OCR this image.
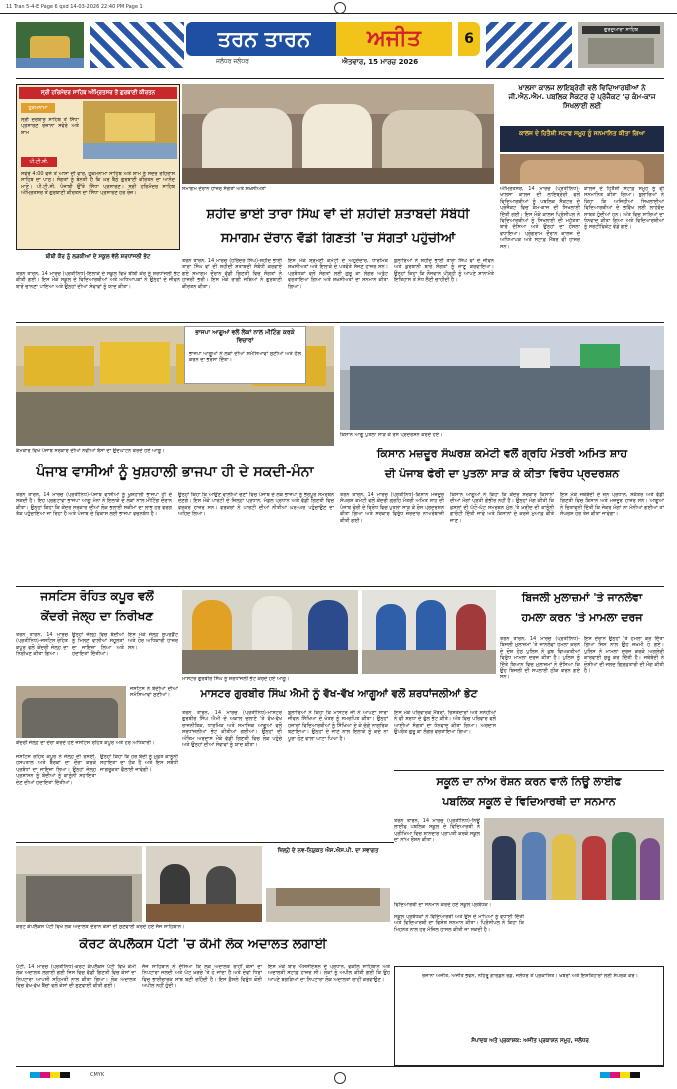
11 Tran 5-4-E Page 6 qxd 14-03-2026 22:40 PM Page 1
ਤਰਨ ਤਾਰਨ	ਅਜੀਤ
ਜਲੰਧਰ ਜਲੰਧਰ	ਐਤਵਾਰ, 15 ਮਾਰਚ 2026
6
ਗੁਰਦੁਆਰਾ ਸਾਹਿਬ
ਸ੍ਰੀ ਹਰਿਮੰਦਰ ਸਾਹਿਬ ਅੰਮ੍ਰਿਤਸਰ ਤੋਂ ਗੁਰਬਾਣੀ ਕੀਰਤਨ
ਹੁਕਮਨਾਮਾ
ਸ੍ਰੀ ਦਰਬਾਰ ਸਾਹਿਬ ਤੋਂ ਸਿੱਧਾ ਪ੍ਰਸਾਰਣ ਰੋਜ਼ਾਨਾ ਸਵੇਰੇ ਅਤੇ ਸ਼ਾਮ
ਪੀ.ਟੀ.ਸੀ.
ਸਵੇਰੇ 4:00 ਵਜੇ ਤੋਂ ਆਸਾ ਦੀ ਵਾਰ, ਹੁਕਮਨਾਮਾ ਸਾਹਿਬ ਅਤੇ ਸ਼ਾਮ ਨੂੰ ਸੋਦਰ ਰਹਿਰਾਸ ਸਾਹਿਬ ਦਾ ਪਾਠ। ਸੰਗਤਾਂ ਨੂੰ ਬੇਨਤੀ ਹੈ ਕਿ ਘਰ ਬੈਠੇ ਗੁਰਬਾਣੀ ਕੀਰਤਨ ਦਾ ਆਨੰਦ ਮਾਣੋ। ਪੀ.ਟੀ.ਸੀ. ਪੰਜਾਬੀ ਉੱਤੇ ਸਿੱਧਾ ਪ੍ਰਸਾਰਣ। ਸ੍ਰੀ ਹਰਿਮੰਦਰ ਸਾਹਿਬ ਅੰਮ੍ਰਿਤਸਰ ਤੋਂ ਗੁਰਬਾਣੀ ਕੀਰਤਨ ਦਾ ਸਿੱਧਾ ਪ੍ਰਸਾਰਣ ਹਰ ਰੋਜ਼।
ਬੀਬੀ ਕੌਰ ਨੂੰ ਲੜਕੀਆਂ ਦੇ ਸਕੂਲ ਵੱਲੋਂ ਸ਼ਰਧਾਂਜਲੀ ਭੇਟ
ਤਰਨ ਤਾਰਨ, 14 ਮਾਰਚ (ਪ੍ਰਤੀਨਿਧ)-ਇਲਾਕੇ ਦੇ ਸਕੂਲ ਵਿਖੇ ਬੀਬੀ ਕੌਰ ਨੂੰ ਸ਼ਰਧਾਂਜਲੀ ਭੇਟ ਕੀਤੀ ਗਈ। ਇਸ ਮੌਕੇ ਸਕੂਲ ਦੇ ਵਿਦਿਆਰਥੀਆਂ ਅਤੇ ਅਧਿਆਪਕਾਂ ਨੇ ਉਨ੍ਹਾਂ ਦੇ ਜੀਵਨ ਬਾਰੇ ਚਾਨਣਾ ਪਾਇਆ ਅਤੇ ਉਨ੍ਹਾਂ ਦੀਆਂ ਸੇਵਾਵਾਂ ਨੂੰ ਯਾਦ ਕੀਤਾ।
ਸਮਾਗਮ ਦੌਰਾਨ ਹਾਜ਼ਰ ਸੰਗਤਾਂ ਅਤੇ ਸ਼ਖ਼ਸੀਅਤਾਂ
ਸ਼ਹੀਦ ਭਾਈ ਤਾਰਾ ਸਿੰਘ ਵਾਂ ਦੀ ਸ਼ਹੀਦੀ ਸ਼ਤਾਬਦੀ ਸੰਬੰਧੀ
ਸਮਾਗਮ ਦੌਰਾਨ ਵੱਡੀ ਗਿਣਤੀ 'ਚ ਸੰਗਤਾਂ ਪਹੁੰਚੀਆਂ
ਤਰਨ ਤਾਰਨ, 14 ਮਾਰਚ (ਹਰਿੰਦਰ ਸਿੰਘ)-ਸ਼ਹੀਦ ਭਾਈ ਤਾਰਾ ਸਿੰਘ ਵਾਂ ਦੀ ਸ਼ਹੀਦੀ ਸ਼ਤਾਬਦੀ ਸੰਬੰਧੀ ਕਰਵਾਏ ਗਏ ਸਮਾਗਮ ਦੌਰਾਨ ਵੱਡੀ ਗਿਣਤੀ ਵਿਚ ਸੰਗਤਾਂ ਨੇ ਹਾਜ਼ਰੀ ਭਰੀ। ਇਸ ਮੌਕੇ ਰਾਗੀ ਜਥਿਆਂ ਨੇ ਗੁਰਬਾਣੀ ਕੀਰਤਨ ਕੀਤਾ।
ਇਸ ਮੌਕੇ ਸ਼੍ਰੋਮਣੀ ਕਮੇਟੀ ਦੇ ਅਹੁਦੇਦਾਰ, ਧਾਰਮਿਕ ਸ਼ਖ਼ਸੀਅਤਾਂ ਅਤੇ ਇਲਾਕੇ ਦੇ ਪਤਵੰਤੇ ਸੱਜਣ ਹਾਜ਼ਰ ਸਨ। ਪ੍ਰਬੰਧਕਾਂ ਵਲੋਂ ਸੰਗਤਾਂ ਲਈ ਗੁਰੂ ਕਾ ਲੰਗਰ ਅਤੁੱਟ ਵਰਤਾਇਆ ਗਿਆ ਅਤੇ ਸ਼ਖ਼ਸੀਅਤਾਂ ਦਾ ਸਨਮਾਨ ਕੀਤਾ ਗਿਆ।
ਬੁਲਾਰਿਆਂ ਨੇ ਸ਼ਹੀਦ ਭਾਈ ਤਾਰਾ ਸਿੰਘ ਵਾਂ ਦੇ ਜੀਵਨ ਅਤੇ ਕੁਰਬਾਨੀ ਬਾਰੇ ਸੰਗਤਾਂ ਨੂੰ ਜਾਣੂ ਕਰਵਾਇਆ। ਉਨ੍ਹਾਂ ਕਿਹਾ ਕਿ ਨੌਜਵਾਨ ਪੀੜ੍ਹੀ ਨੂੰ ਆਪਣੇ ਸ਼ਾਨਾਮੱਤੇ ਇਤਿਹਾਸ ਤੋਂ ਸੇਧ ਲੈਣੀ ਚਾਹੀਦੀ ਹੈ।
ਖਾਲਸਾ ਕਾਲਜ ਲਾਇਬ੍ਰੇਰੀ ਵਲੋਂ ਵਿਦਿਆਰਥੀਆਂ ਨੇ ਜੀ.ਐਨ.ਐਮ. ਪਬਲਿਕ ਸੈਕਟਰ ਦੇ ਪ੍ਰੋਜੈਕਟ 'ਚ ਕੰਮ-ਕਾਜ ਸਿਖਲਾਈ ਲਈ
ਕਾਲਜ ਦੇ ਹਿਤੈਸ਼ੀ ਸਟਾਫ ਸਮੂਹ ਨੂੰ ਸਨਮਾਨਿਤ ਕੀਤਾ ਗਿਆ
ਅੰਮ੍ਰਿਤਸਰ, 14 ਮਾਰਚ (ਪ੍ਰਤੀਨਿਧ)-ਖਾਲਸਾ ਕਾਲਜ ਦੀ ਲਾਇਬ੍ਰੇਰੀ ਵਲੋਂ ਵਿਦਿਆਰਥੀਆਂ ਨੂੰ ਪਬਲਿਕ ਸੈਕਟਰ ਦੇ ਪ੍ਰੋਜੈਕਟ ਵਿਚ ਕੰਮ-ਕਾਜ ਦੀ ਸਿਖਲਾਈ ਦਿੱਤੀ ਗਈ। ਇਸ ਮੌਕੇ ਕਾਲਜ ਪ੍ਰਿੰਸੀਪਲ ਨੇ ਵਿਦਿਆਰਥੀਆਂ ਨੂੰ ਸਿਖਲਾਈ ਦੀ ਮਹੱਤਤਾ ਬਾਰੇ ਦੱਸਿਆ ਅਤੇ ਉਨ੍ਹਾਂ ਦਾ ਹੌਸਲਾ ਵਧਾਇਆ। ਪ੍ਰੋਗਰਾਮ ਦੌਰਾਨ ਕਾਲਜ ਦੇ ਅਧਿਆਪਕ ਅਤੇ ਸਟਾਫ਼ ਮੈਂਬਰ ਵੀ ਹਾਜ਼ਰ ਸਨ।
ਕਾਲਜ ਦੇ ਹਿਤੈਸ਼ੀ ਸਟਾਫ਼ ਸਮੂਹ ਨੂੰ ਵੀ ਸਨਮਾਨਿਤ ਕੀਤਾ ਗਿਆ। ਬੁਲਾਰਿਆਂ ਨੇ ਕਿਹਾ ਕਿ ਅਜਿਹੀਆਂ ਸਿਖਲਾਈਆਂ ਵਿਦਿਆਰਥੀਆਂ ਦੇ ਭਵਿੱਖ ਲਈ ਲਾਹੇਵੰਦ ਸਾਬਤ ਹੁੰਦੀਆਂ ਹਨ। ਅੰਤ ਵਿਚ ਸਾਰਿਆਂ ਦਾ ਧੰਨਵਾਦ ਕੀਤਾ ਗਿਆ ਅਤੇ ਵਿਦਿਆਰਥੀਆਂ ਨੂੰ ਸਰਟੀਫਿਕੇਟ ਵੰਡੇ ਗਏ।
ਭਾਜਪਾ ਆਗੂਆਂ ਵਲੋਂ ਲੋਕਾਂ ਨਾਲ ਮੀਟਿੰਗ ਕਰਕੇ ਵਿਚਾਰਾਂ
ਭਾਜਪਾ ਆਗੂਆਂ ਨੇ ਲੋਕਾਂ ਦੀਆਂ ਸਮੱਸਿਆਵਾਂ ਸੁਣੀਆਂ ਅਤੇ ਹੱਲ ਕਰਨ ਦਾ ਭਰੋਸਾ ਦਿੱਤਾ।
ਕੰਮਕਾਰ ਵਿਖੇ ਪੰਜਾਬ ਸਰਕਾਰ ਦੀਆਂ ਨਵੀਆਂ ਬੱਸਾਂ ਦਾ ਉਦਘਾਟਨ ਕਰਦੇ ਹੋਏ ਆਗੂ।
ਪੰਜਾਬ ਵਾਸੀਆਂ ਨੂੰ ਖੁਸ਼ਹਾਲੀ ਭਾਜਪਾ ਹੀ ਦੇ ਸਕਦੀ-ਮੰਨਾ
ਤਰਨ ਤਾਰਨ, 14 ਮਾਰਚ (ਪ੍ਰਤੀਨਿਧ)-ਪੰਜਾਬ ਵਾਸੀਆਂ ਨੂੰ ਖੁਸ਼ਹਾਲੀ ਭਾਜਪਾ ਹੀ ਦੇ ਸਕਦੀ ਹੈ। ਇਹ ਪ੍ਰਗਟਾਵਾ ਭਾਜਪਾ ਆਗੂ ਮੰਨਾ ਨੇ ਇਲਾਕੇ ਦੇ ਲੋਕਾਂ ਨਾਲ ਮੀਟਿੰਗ ਦੌਰਾਨ ਕੀਤਾ। ਉਨ੍ਹਾਂ ਕਿਹਾ ਕਿ ਕੇਂਦਰ ਸਰਕਾਰ ਦੀਆਂ ਲੋਕ ਭਲਾਈ ਸਕੀਮਾਂ ਦਾ ਲਾਭ ਹਰ ਵਰਗ ਤੱਕ ਪਹੁੰਚਾਇਆ ਜਾ ਰਿਹਾ ਹੈ ਅਤੇ ਪੰਜਾਬ ਦੇ ਵਿਕਾਸ ਲਈ ਭਾਜਪਾ ਵਚਨਬੱਧ ਹੈ।
ਉਨ੍ਹਾਂ ਕਿਹਾ ਕਿ ਆਉਣ ਵਾਲੀਆਂ ਚੋਣਾਂ ਵਿਚ ਪੰਜਾਬ ਦੇ ਲੋਕ ਭਾਜਪਾ ਨੂੰ ਭਰਪੂਰ ਸਮਰਥਨ ਦੇਣਗੇ। ਇਸ ਮੌਕੇ ਪਾਰਟੀ ਦੇ ਜ਼ਿਲ੍ਹਾ ਪ੍ਰਧਾਨ, ਮੰਡਲ ਪ੍ਰਧਾਨ ਅਤੇ ਵੱਡੀ ਗਿਣਤੀ ਵਿਚ ਵਰਕਰ ਹਾਜ਼ਰ ਸਨ। ਵਰਕਰਾਂ ਨੇ ਪਾਰਟੀ ਦੀਆਂ ਨੀਤੀਆਂ ਘਰ-ਘਰ ਪਹੁੰਚਾਉਣ ਦਾ ਅਹਿਦ ਲਿਆ।
ਕਿਸਾਨ ਆਗੂ ਪੁਤਲਾ ਸਾੜ ਕੇ ਰੋਸ ਪ੍ਰਦਰਸ਼ਨ ਕਰਦੇ ਹੋਏ।
ਕਿਸਾਨ ਮਜ਼ਦੂਰ ਸੰਘਰਸ਼ ਕਮੇਟੀ ਵਲੋਂ ਗ੍ਰਹਿ ਮੰਤਰੀ ਅਮਿਤ ਸ਼ਾਹ
ਦੀ ਪੰਜਾਬ ਫੇਰੀ ਦਾ ਪੁਤਲਾ ਸਾੜ ਕੇ ਕੀਤਾ ਵਿਰੋਧ ਪ੍ਰਦਰਸ਼ਨ
ਤਰਨ ਤਾਰਨ, 14 ਮਾਰਚ (ਪ੍ਰਤੀਨਿਧ)-ਕਿਸਾਨ ਮਜ਼ਦੂਰ ਸੰਘਰਸ਼ ਕਮੇਟੀ ਵਲੋਂ ਕੇਂਦਰੀ ਗ੍ਰਹਿ ਮੰਤਰੀ ਅਮਿਤ ਸ਼ਾਹ ਦੀ ਪੰਜਾਬ ਫੇਰੀ ਦੇ ਵਿਰੋਧ ਵਿਚ ਪੁਤਲਾ ਸਾੜ ਕੇ ਰੋਸ ਪ੍ਰਦਰਸ਼ਨ ਕੀਤਾ ਗਿਆ ਅਤੇ ਸਰਕਾਰ ਵਿਰੁੱਧ ਜ਼ੋਰਦਾਰ ਨਾਅਰੇਬਾਜ਼ੀ ਕੀਤੀ ਗਈ।
ਕਿਸਾਨ ਆਗੂਆਂ ਨੇ ਕਿਹਾ ਕਿ ਕੇਂਦਰ ਸਰਕਾਰ ਕਿਸਾਨਾਂ ਦੀਆਂ ਮੰਗਾਂ ਪ੍ਰਤੀ ਗੰਭੀਰ ਨਹੀਂ ਹੈ। ਉਨ੍ਹਾਂ ਮੰਗ ਕੀਤੀ ਕਿ ਫ਼ਸਲਾਂ ਦੀ ਘੱਟੋ-ਘੱਟ ਸਮਰਥਨ ਮੁੱਲ 'ਤੇ ਖ਼ਰੀਦ ਦੀ ਕਾਨੂੰਨੀ ਗਾਰੰਟੀ ਦਿੱਤੀ ਜਾਵੇ ਅਤੇ ਕਿਸਾਨਾਂ ਦੇ ਕਰਜ਼ੇ ਮੁਆਫ਼ ਕੀਤੇ ਜਾਣ।
ਇਸ ਮੌਕੇ ਜਥੇਬੰਦੀ ਦੇ ਜ਼ੋਨ ਪ੍ਰਧਾਨ, ਸਕੱਤਰ ਅਤੇ ਵੱਡੀ ਗਿਣਤੀ ਵਿਚ ਕਿਸਾਨ ਅਤੇ ਮਜ਼ਦੂਰ ਹਾਜ਼ਰ ਸਨ। ਆਗੂਆਂ ਨੇ ਚਿਤਾਵਨੀ ਦਿੱਤੀ ਕਿ ਜੇਕਰ ਮੰਗਾਂ ਨਾ ਮੰਨੀਆਂ ਗਈਆਂ ਤਾਂ ਸੰਘਰਸ਼ ਹੋਰ ਤੇਜ਼ ਕੀਤਾ ਜਾਵੇਗਾ।
ਜਸਟਿਸ ਰੋਹਿਤ ਕਪੂਰ ਵਲੋਂ
ਕੇਂਦਰੀ ਜੇਲ੍ਹ ਦਾ ਨਿਰੀਖਣ
ਤਰਨ ਤਾਰਨ, 14 ਮਾਰਚ (ਪ੍ਰਤੀਨਿਧ)-ਜਸਟਿਸ ਰੋਹਿਤ ਕਪੂਰ ਵਲੋਂ ਕੇਂਦਰੀ ਜੇਲ੍ਹ ਦਾ ਨਿਰੀਖਣ ਕੀਤਾ ਗਿਆ।
ਉਨ੍ਹਾਂ ਜੇਲ੍ਹ ਵਿਚ ਬੰਦੀਆਂ ਨੂੰ ਮਿਲਣ ਵਾਲੀਆਂ ਸਹੂਲਤਾਂ ਦਾ ਜਾਇਜ਼ਾ ਲਿਆ ਅਤੇ ਹਦਾਇਤਾਂ ਦਿੱਤੀਆਂ।
ਇਸ ਮੌਕੇ ਜੇਲ੍ਹ ਸੁਪਰਡੈਂਟ ਅਤੇ ਹੋਰ ਅਧਿਕਾਰੀ ਹਾਜ਼ਰ ਸਨ।
ਜਸਟਿਸ ਨੇ ਬੰਦੀਆਂ ਦੀਆਂ ਸਮੱਸਿਆਵਾਂ ਸੁਣੀਆਂ।
ਕੇਂਦਰੀ ਜੇਲ੍ਹ ਦਾ ਦੌਰਾ ਕਰਦੇ ਹੋਏ ਜਸਟਿਸ ਰੋਹਿਤ ਕਪੂਰ ਅਤੇ ਹੋਰ ਅਧਿਕਾਰੀ।
ਜਸਟਿਸ ਰੋਹਿਤ ਕਪੂਰ ਨੇ ਜੇਲ੍ਹ ਦੀ ਰਸੋਈ, ਹਸਪਤਾਲ ਅਤੇ ਬੈਰਕਾਂ ਦਾ ਦੌਰਾ ਕਰਕੇ ਪ੍ਰਬੰਧਾਂ ਦਾ ਜਾਇਜ਼ਾ ਲਿਆ। ਉਨ੍ਹਾਂ ਜੇਲ੍ਹ ਪ੍ਰਸ਼ਾਸਨ ਨੂੰ ਬੰਦੀਆਂ ਨੂੰ ਕਾਨੂੰਨੀ ਸਹਾਇਤਾ ਦੇਣ ਦੀਆਂ ਹਦਾਇਤਾਂ ਦਿੱਤੀਆਂ।
ਉਨ੍ਹਾਂ ਕਿਹਾ ਕਿ ਹਰ ਬੰਦੀ ਨੂੰ ਮੁਫ਼ਤ ਕਾਨੂੰਨੀ ਸਹਾਇਤਾ ਦਾ ਹੱਕ ਹੈ ਅਤੇ ਇਸ ਸਬੰਧੀ ਜਾਗਰੂਕਤਾ ਫੈਲਾਈ ਜਾਵੇਗੀ।
ਮਾਸਟਰ ਗੁਰਬੀਰ ਸਿੰਘ ਨੂੰ ਸ਼ਰਧਾਂਜਲੀ ਭੇਟ ਕਰਦੇ ਹੋਏ ਆਗੂ।
ਮਾਸਟਰ ਗੁਰਬੀਰ ਸਿੰਘ ਐਮੀ ਨੂੰ ਵੱਖ-ਵੱਖ ਆਗੂਆਂ ਵਲੋਂ ਸ਼ਰਧਾਂਜਲੀਆਂ ਭੇਟ
ਤਰਨ ਤਾਰਨ, 14 ਮਾਰਚ (ਪ੍ਰਤੀਨਿਧ)-ਮਾਸਟਰ ਗੁਰਬੀਰ ਸਿੰਘ ਐਮੀ ਦੇ ਅਕਾਲ ਚਲਾਣੇ 'ਤੇ ਵੱਖ-ਵੱਖ ਰਾਜਨੀਤਿਕ, ਧਾਰਮਿਕ ਅਤੇ ਸਮਾਜਿਕ ਆਗੂਆਂ ਵਲੋਂ ਸ਼ਰਧਾਂਜਲੀਆਂ ਭੇਟ ਕੀਤੀਆਂ ਗਈਆਂ। ਉਨ੍ਹਾਂ ਦੀ ਅੰਤਿਮ ਅਰਦਾਸ ਮੌਕੇ ਵੱਡੀ ਗਿਣਤੀ ਵਿਚ ਲੋਕ ਪਹੁੰਚੇ ਅਤੇ ਉਨ੍ਹਾਂ ਦੀਆਂ ਸੇਵਾਵਾਂ ਨੂੰ ਯਾਦ ਕੀਤਾ।
ਬੁਲਾਰਿਆਂ ਨੇ ਕਿਹਾ ਕਿ ਮਾਸਟਰ ਜੀ ਨੇ ਆਪਣਾ ਸਾਰਾ ਜੀਵਨ ਸਿੱਖਿਆ ਦੇ ਖੇਤਰ ਨੂੰ ਸਮਰਪਿਤ ਕੀਤਾ। ਉਨ੍ਹਾਂ ਹਜ਼ਾਰਾਂ ਵਿਦਿਆਰਥੀਆਂ ਨੂੰ ਸਿੱਖਿਆ ਦੇ ਕੇ ਚੰਗੇ ਨਾਗਰਿਕ ਬਣਾਇਆ। ਉਨ੍ਹਾਂ ਦੇ ਜਾਣ ਨਾਲ ਇਲਾਕੇ ਨੂੰ ਕਦੇ ਨਾ ਪੂਰਾ ਹੋਣ ਵਾਲਾ ਘਾਟਾ ਪਿਆ ਹੈ।
ਇਸ ਮੌਕੇ ਪਰਿਵਾਰਕ ਮੈਂਬਰਾਂ, ਰਿਸ਼ਤੇਦਾਰਾਂ ਅਤੇ ਸਨੇਹੀਆਂ ਨੇ ਵੀ ਸ਼ਰਧਾ ਦੇ ਫੁੱਲ ਭੇਟ ਕੀਤੇ। ਅੰਤ ਵਿਚ ਪਰਿਵਾਰ ਵਲੋਂ ਆਈਆਂ ਸੰਗਤਾਂ ਦਾ ਧੰਨਵਾਦ ਕੀਤਾ ਗਿਆ। ਅਰਦਾਸ ਉਪਰੰਤ ਗੁਰੂ ਕਾ ਲੰਗਰ ਵਰਤਾਇਆ ਗਿਆ।
ਬਿਜਲੀ ਮੁਲਾਜ਼ਮਾਂ 'ਤੇ ਜਾਨਲੇਵਾ
ਹਮਲਾ ਕਰਨ 'ਤੇ ਮਾਮਲਾ ਦਰਜ
ਤਰਨ ਤਾਰਨ, 14 ਮਾਰਚ (ਪ੍ਰਤੀਨਿਧ)-ਬਿਜਲੀ ਮੁਲਾਜ਼ਮਾਂ 'ਤੇ ਜਾਨਲੇਵਾ ਹਮਲਾ ਕਰਨ ਦੇ ਦੋਸ਼ ਹੇਠ ਪੁਲਿਸ ਨੇ ਕੁਝ ਵਿਅਕਤੀਆਂ ਵਿਰੁੱਧ ਮਾਮਲਾ ਦਰਜ ਕੀਤਾ ਹੈ। ਪੁਲਿਸ ਨੂੰ ਦਿੱਤੇ ਬਿਆਨ ਵਿਚ ਮੁਲਾਜ਼ਮਾਂ ਨੇ ਦੱਸਿਆ ਕਿ ਉਹ ਬਿਜਲੀ ਦੀ ਸਪਲਾਈ ਠੀਕ ਕਰਨ ਗਏ ਸਨ।
ਇਸ ਦੌਰਾਨ ਉਨ੍ਹਾਂ 'ਤੇ ਹਮਲਾ ਕਰ ਦਿੱਤਾ ਗਿਆ ਜਿਸ ਨਾਲ ਉਹ ਜ਼ਖ਼ਮੀ ਹੋ ਗਏ। ਪੁਲਿਸ ਨੇ ਮਾਮਲਾ ਦਰਜ ਕਰਕੇ ਅਗਲੇਰੀ ਕਾਰਵਾਈ ਸ਼ੁਰੂ ਕਰ ਦਿੱਤੀ ਹੈ। ਜਥੇਬੰਦੀ ਨੇ ਦੋਸ਼ੀਆਂ ਦੀ ਜਲਦ ਗ੍ਰਿਫ਼ਤਾਰੀ ਦੀ ਮੰਗ ਕੀਤੀ ਹੈ।
ਸਕੂਲ ਦਾ ਨਾਂਅ ਰੌਸ਼ਨ ਕਰਨ ਵਾਲੇ ਨਿਊ ਲਾਈਫ
ਪਬਲਿਕ ਸਕੂਲ ਦੇ ਵਿਦਿਆਰਥੀ ਦਾ ਸਨਮਾਨ
ਤਰਨ ਤਾਰਨ, 14 ਮਾਰਚ (ਪ੍ਰਤੀਨਿਧ)-ਨਿਊ ਲਾਈਫ ਪਬਲਿਕ ਸਕੂਲ ਦੇ ਵਿਦਿਆਰਥੀ ਨੇ ਪ੍ਰੀਖਿਆ ਵਿਚ ਸ਼ਾਨਦਾਰ ਪ੍ਰਾਪਤੀ ਕਰਕੇ ਸਕੂਲ ਦਾ ਨਾਂਅ ਰੌਸ਼ਨ ਕੀਤਾ।
ਵਿਦਿਆਰਥੀ ਦਾ ਸਨਮਾਨ ਕਰਦੇ ਹੋਏ ਸਕੂਲ ਪ੍ਰਬੰਧਕ।
ਸਕੂਲ ਪ੍ਰਬੰਧਕਾਂ ਨੇ ਵਿਦਿਆਰਥੀ ਅਤੇ ਉਸ ਦੇ ਮਾਪਿਆਂ ਨੂੰ ਵਧਾਈ ਦਿੱਤੀ ਅਤੇ ਵਿਦਿਆਰਥੀ ਦਾ ਵਿਸ਼ੇਸ਼ ਸਨਮਾਨ ਕੀਤਾ। ਪ੍ਰਿੰਸੀਪਲ ਨੇ ਕਿਹਾ ਕਿ ਮਿਹਨਤ ਨਾਲ ਹਰ ਮੰਜ਼ਿਲ ਹਾਸਲ ਕੀਤੀ ਜਾ ਸਕਦੀ ਹੈ।
ਜ਼ਿਲ੍ਹੇ ਦੇ ਨਵ-ਨਿਯੁਕਤ ਐਸ.ਐਸ.ਪੀ. ਦਾ ਸਵਾਗਤ
ਕੋਰਟ ਕੰਪਲੈਕਸ ਪੱਟੀ ਵਿਖੇ ਲੋਕ ਅਦਾਲਤ ਦੌਰਾਨ ਕੇਸਾਂ ਦੀ ਸੁਣਵਾਈ ਕਰਦੇ ਹੋਏ ਜੱਜ ਸਾਹਿਬਾਨ।
ਕੋਰਟ ਕੰਪਲੈਕਸ ਪੱਟੀ 'ਚ ਕੌਮੀ ਲੋਕ ਅਦਾਲਤ ਲਗਾਈ
ਪੱਟੀ, 14 ਮਾਰਚ (ਪ੍ਰਤੀਨਿਧ)-ਕੋਰਟ ਕੰਪਲੈਕਸ ਪੱਟੀ ਵਿਖੇ ਕੌਮੀ ਲੋਕ ਅਦਾਲਤ ਲਗਾਈ ਗਈ ਜਿਸ ਵਿਚ ਵੱਡੀ ਗਿਣਤੀ ਵਿਚ ਕੇਸਾਂ ਦਾ ਨਿਪਟਾਰਾ ਆਪਸੀ ਸਹਿਮਤੀ ਨਾਲ ਕੀਤਾ ਗਿਆ। ਲੋਕ ਅਦਾਲਤ ਵਿਚ ਵੱਖ-ਵੱਖ ਬੈਂਚਾਂ ਵਲੋਂ ਕੇਸਾਂ ਦੀ ਸੁਣਵਾਈ ਕੀਤੀ ਗਈ।
ਜੱਜ ਸਾਹਿਬਾਨ ਨੇ ਦੱਸਿਆ ਕਿ ਲੋਕ ਅਦਾਲਤ ਰਾਹੀਂ ਕੇਸਾਂ ਦਾ ਨਿਪਟਾਰਾ ਜਲਦੀ ਅਤੇ ਘੱਟ ਖ਼ਰਚੇ 'ਤੇ ਹੋ ਜਾਂਦਾ ਹੈ ਅਤੇ ਦੋਵਾਂ ਧਿਰਾਂ ਵਿਚ ਭਾਈਚਾਰਕ ਸਾਂਝ ਬਣੀ ਰਹਿੰਦੀ ਹੈ। ਇਸ ਫ਼ੈਸਲੇ ਵਿਰੁੱਧ ਕੋਈ ਅਪੀਲ ਨਹੀਂ ਹੁੰਦੀ।
ਇਸ ਮੌਕੇ ਬਾਰ ਐਸੋਸੀਏਸ਼ਨ ਦੇ ਪ੍ਰਧਾਨ, ਵਕੀਲ ਸਾਹਿਬਾਨ ਅਤੇ ਅਦਾਲਤੀ ਸਟਾਫ਼ ਹਾਜ਼ਰ ਸੀ। ਲੋਕਾਂ ਨੂੰ ਅਪੀਲ ਕੀਤੀ ਗਈ ਕਿ ਉਹ ਆਪਣੇ ਝਗੜਿਆਂ ਦਾ ਨਿਪਟਾਰਾ ਲੋਕ ਅਦਾਲਤਾਂ ਰਾਹੀਂ ਕਰਵਾਉਣ।
ਰੋਜ਼ਾਨਾ ਅਜੀਤ, ਅਜੀਤ ਭਵਨ, ਨਹਿਰੂ ਗਾਰਡਨ ਰੋਡ, ਜਲੰਧਰ ਤੋਂ ਪ੍ਰਕਾਸ਼ਿਤ। ਖ਼ਬਰਾਂ ਅਤੇ ਇਸ਼ਤਿਹਾਰਾਂ ਲਈ ਸੰਪਰਕ ਕਰੋ।
ਸੰਪਾਦਕ ਅਤੇ ਪ੍ਰਕਾਸ਼ਕ: ਅਜੀਤ ਪ੍ਰਕਾਸ਼ਨ ਸਮੂਹ, ਜਲੰਧਰ
CMYK
